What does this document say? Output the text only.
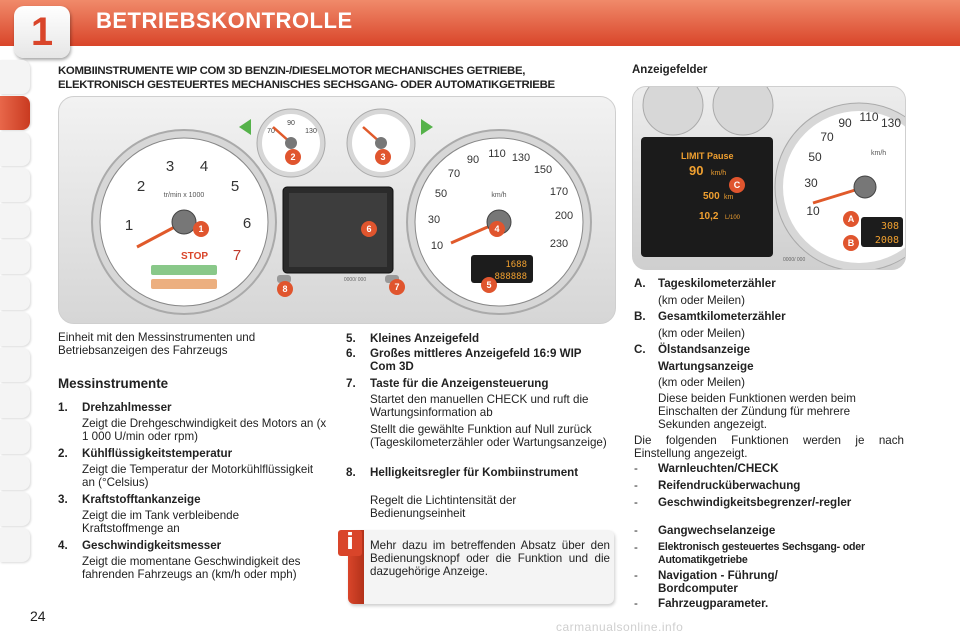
1	BETRIEBSKONTROLLE
KOMBIINSTRUMENTE WIP COM 3D BENZIN-/DIESELMOTOR MECHANISCHES GETRIEBE,
ELEKTRONISCH GESTEUERTES MECHANISCHES SECHSGANG- ODER AUTOMATIKGETRIEBE
Anzeigefelder
1
2
3 4
5
6
7
tr/min x 1000
STOP
70
90
130
10
30
50
70
90 110 130
150
170
200
230
km/h
1688
888888
0000/ 000
1
2	3
4
5
6
7
8
LIMIT Pause
90 km/h
500 km
10,2 L/100	10
30
50
70
90 110 130
km/h
308
2008
0000/ 000
A
B
C

Einheit mit den Messinstrumenten und Betriebsanzeigen des Fahrzeugs

Messinstrumente

1. Drehzahlmesser

Zeigt die Drehgeschwindigkeit des Motors an (x 1 000 U/min oder rpm)

2. Kühlflüssigkeitstemperatur

Zeigt die Temperatur der Motorkühlflüssigkeit an (°Celsius)

3. Kraftstofftankanzeige

Zeigt die im Tank verbleibende Kraftstoffmenge an

4. Geschwindigkeitsmesser

Zeigt die momentane Geschwindigkeit des fahrenden Fahrzeugs an (km/h oder mph)

5. Kleines Anzeigefeld

6. Großes mittleres Anzeigefeld 16:9 WIP Com 3D

7. Taste für die Anzeigensteuerung

Startet den manuellen CHECK und ruft die Wartungsinformation ab

Stellt die gewählte Funktion auf Null zurück (Tageskilometerzähler oder Wartungsanzeige)

8. Helligkeitsregler für Kombiinstrument

Regelt die Lichtintensität der Bedienungseinheit

Mehr dazu im betreffenden Absatz über den Bedienungsknopf oder die Funktion und die dazugehörige Anzeige.

i

A. Tageskilometerzähler

(km oder Meilen)

B. Gesamtkilometerzähler

(km oder Meilen)

C. Ölstandsanzeige

Wartungsanzeige

(km oder Meilen)

Diese beiden Funktionen werden beim Einschalten der Zündung für mehrere Sekunden angezeigt.

Die folgenden Funktionen werden je nach Einstellung angezeigt.

- Warnleuchten/CHECK

- Reifendrucküberwachung

- Geschwindigkeitsbegrenzer/-regler

- Gangwechselanzeige

- Elektronisch gesteuertes Sechsgang- oder Automatikgetriebe

- Navigation - Führung/ Bordcomputer

- Fahrzeugparameter.

24
carmanualsonline.info
